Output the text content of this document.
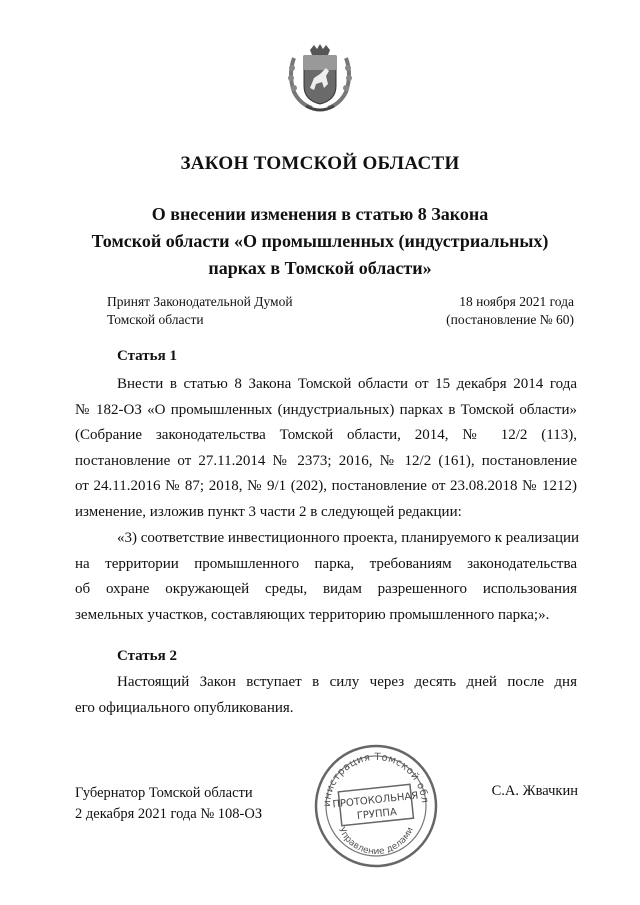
ЗАКОН ТОМСКОЙ ОБЛАСТИ
О внесении изменения в статью 8 Закона
Томской области «О промышленных (индустриальных)
парках в Томской области»
Принят Законодательной Думой
Томской области
18 ноября 2021 года
(постановление № 60)
Статья 1
Внести в статью 8 Закона Томской области от 15 декабря 2014 года
№ 182-ОЗ «О промышленных (индустриальных) парках в Томской области»
(Собрание законодательства Томской области, 2014, № 12/2 (113),
постановление от 27.11.2014 № 2373; 2016, № 12/2 (161), постановление
от 24.11.2016 № 87; 2018, № 9/1 (202), постановление от 23.08.2018 № 1212)
изменение, изложив пункт 3 части 2 в следующей редакции:
«3) соответствие инвестиционного проекта, планируемого к реализации
на территории промышленного парка, требованиям законодательства
об охране окружающей среды, видам разрешенного использования
земельных участков, составляющих территорию промышленного парка;».
Статья 2
Настоящий Закон вступает в силу через десять дней после дня
его официального опубликования.
Губернатор Томской области
2 декабря 2021 года № 108-ОЗ
С.А. Жвачкин
инистрация Томской обл
Управление делами
ПРОТОКОЛЬНАЯ
ГРУППА
